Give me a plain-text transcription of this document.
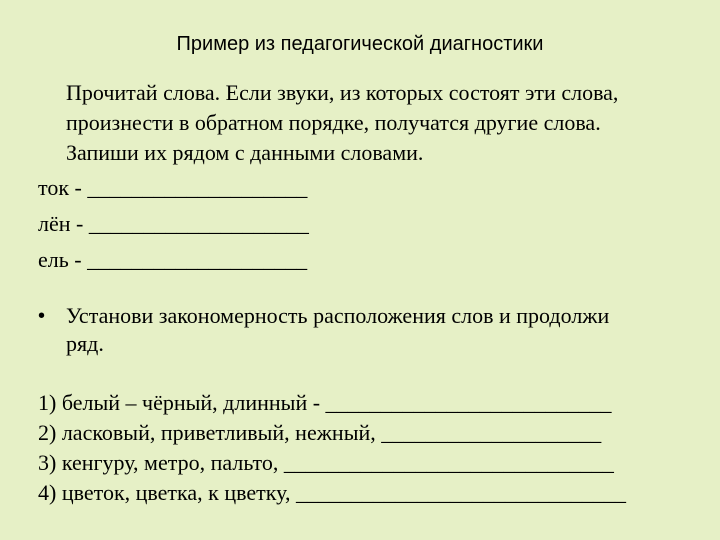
Пример из педагогической диагностики
Прочитай слова. Если звуки, из которых состоят эти слова,
произнести в обратном порядке, получатся другие слова.
Запиши их рядом с данными словами.
ток - ____________________
лён - ____________________
ель - ____________________
• Установи закономерность расположения слов и продолжи
ряд.
1) белый – чёрный, длинный - __________________________
2) ласковый, приветливый, нежный, ____________________
3) кенгуру, метро, пальто, ______________________________
4) цветок, цветка, к цветку, ______________________________
